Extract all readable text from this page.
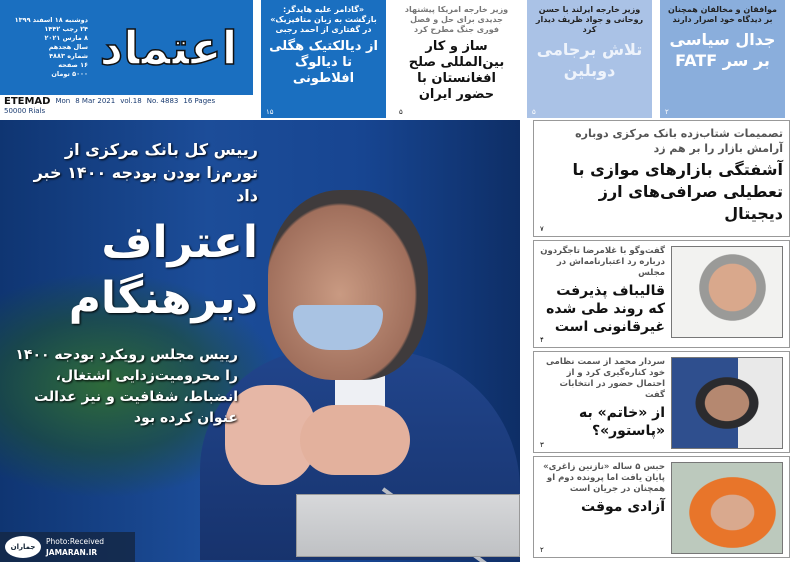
دوشنبه ۱۸ اسفند ۱۳۹۹
۲۴ رجب ۱۴۴۲
۸ مارس ۲۰۲۱
سال هجدهم
شماره ۴۸۸۳
۱۶ صفحه
۵۰۰۰ تومان اعتماد
ETEMAD Mon 8 Mar 2021 vol.18 No. 4883 16 Pages
50000 Rials
«گادامر علیه هایدگر: بازگشت به زبان متافیزیک» در گفتاری از احمد رجبی
از دیالکتیک هگلی تا دیالوگ افلاطونی
۱۵
وزیر خارجه امریکا پیشنهاد جدیدی برای حل و فصل فوری جنگ مطرح کرد
ساز و کار بین‌المللی صلح افغانستان با حضور ایران
۵
وزیر خارجه ایرلند با حسن روحانی و جواد ظریف دیدار کرد
تلاش برجامی دوبلین
۵
موافقان و مخالفان همچنان بر دیدگاه خود اصرار دارند
جدال سیاسی بر سر FATF
۲
رییس کل بانک مرکزی از تورم‌زا بودن بودجه ۱۴۰۰ خبر داد
اعتراف دیرهنگام
رییس مجلس رویکرد بودجه ۱۴۰۰ را محرومیت‌زدایی اشتغال، انضباط، شفافیت و نیز عدالت عنوان کرده بود
Photo:Received
JAMARAN.IR
جماران
تصمیمات شتاب‌زده بانک مرکزی دوباره آرامش بازار را بر هم زد
آشفتگی بازارهای موازی با تعطیلی صرافی‌های ارز دیجیتال
۷
گفت‌وگو با غلامرضا تاجگردون درباره رد اعتبارنامه‌اش در مجلس
قالیباف پذیرفت که روند طی شده غیرقانونی است
۴
سردار محمد از سمت نظامی خود کناره‌گیری کرد و از احتمال حضور در انتخابات گفت
از «خاتم» به «پاستور»؟
۳
حبس ۵ ساله «نازنین زاغری» پایان یافت اما پرونده دوم او همچنان در جریان است
آزادی موقت
۲
